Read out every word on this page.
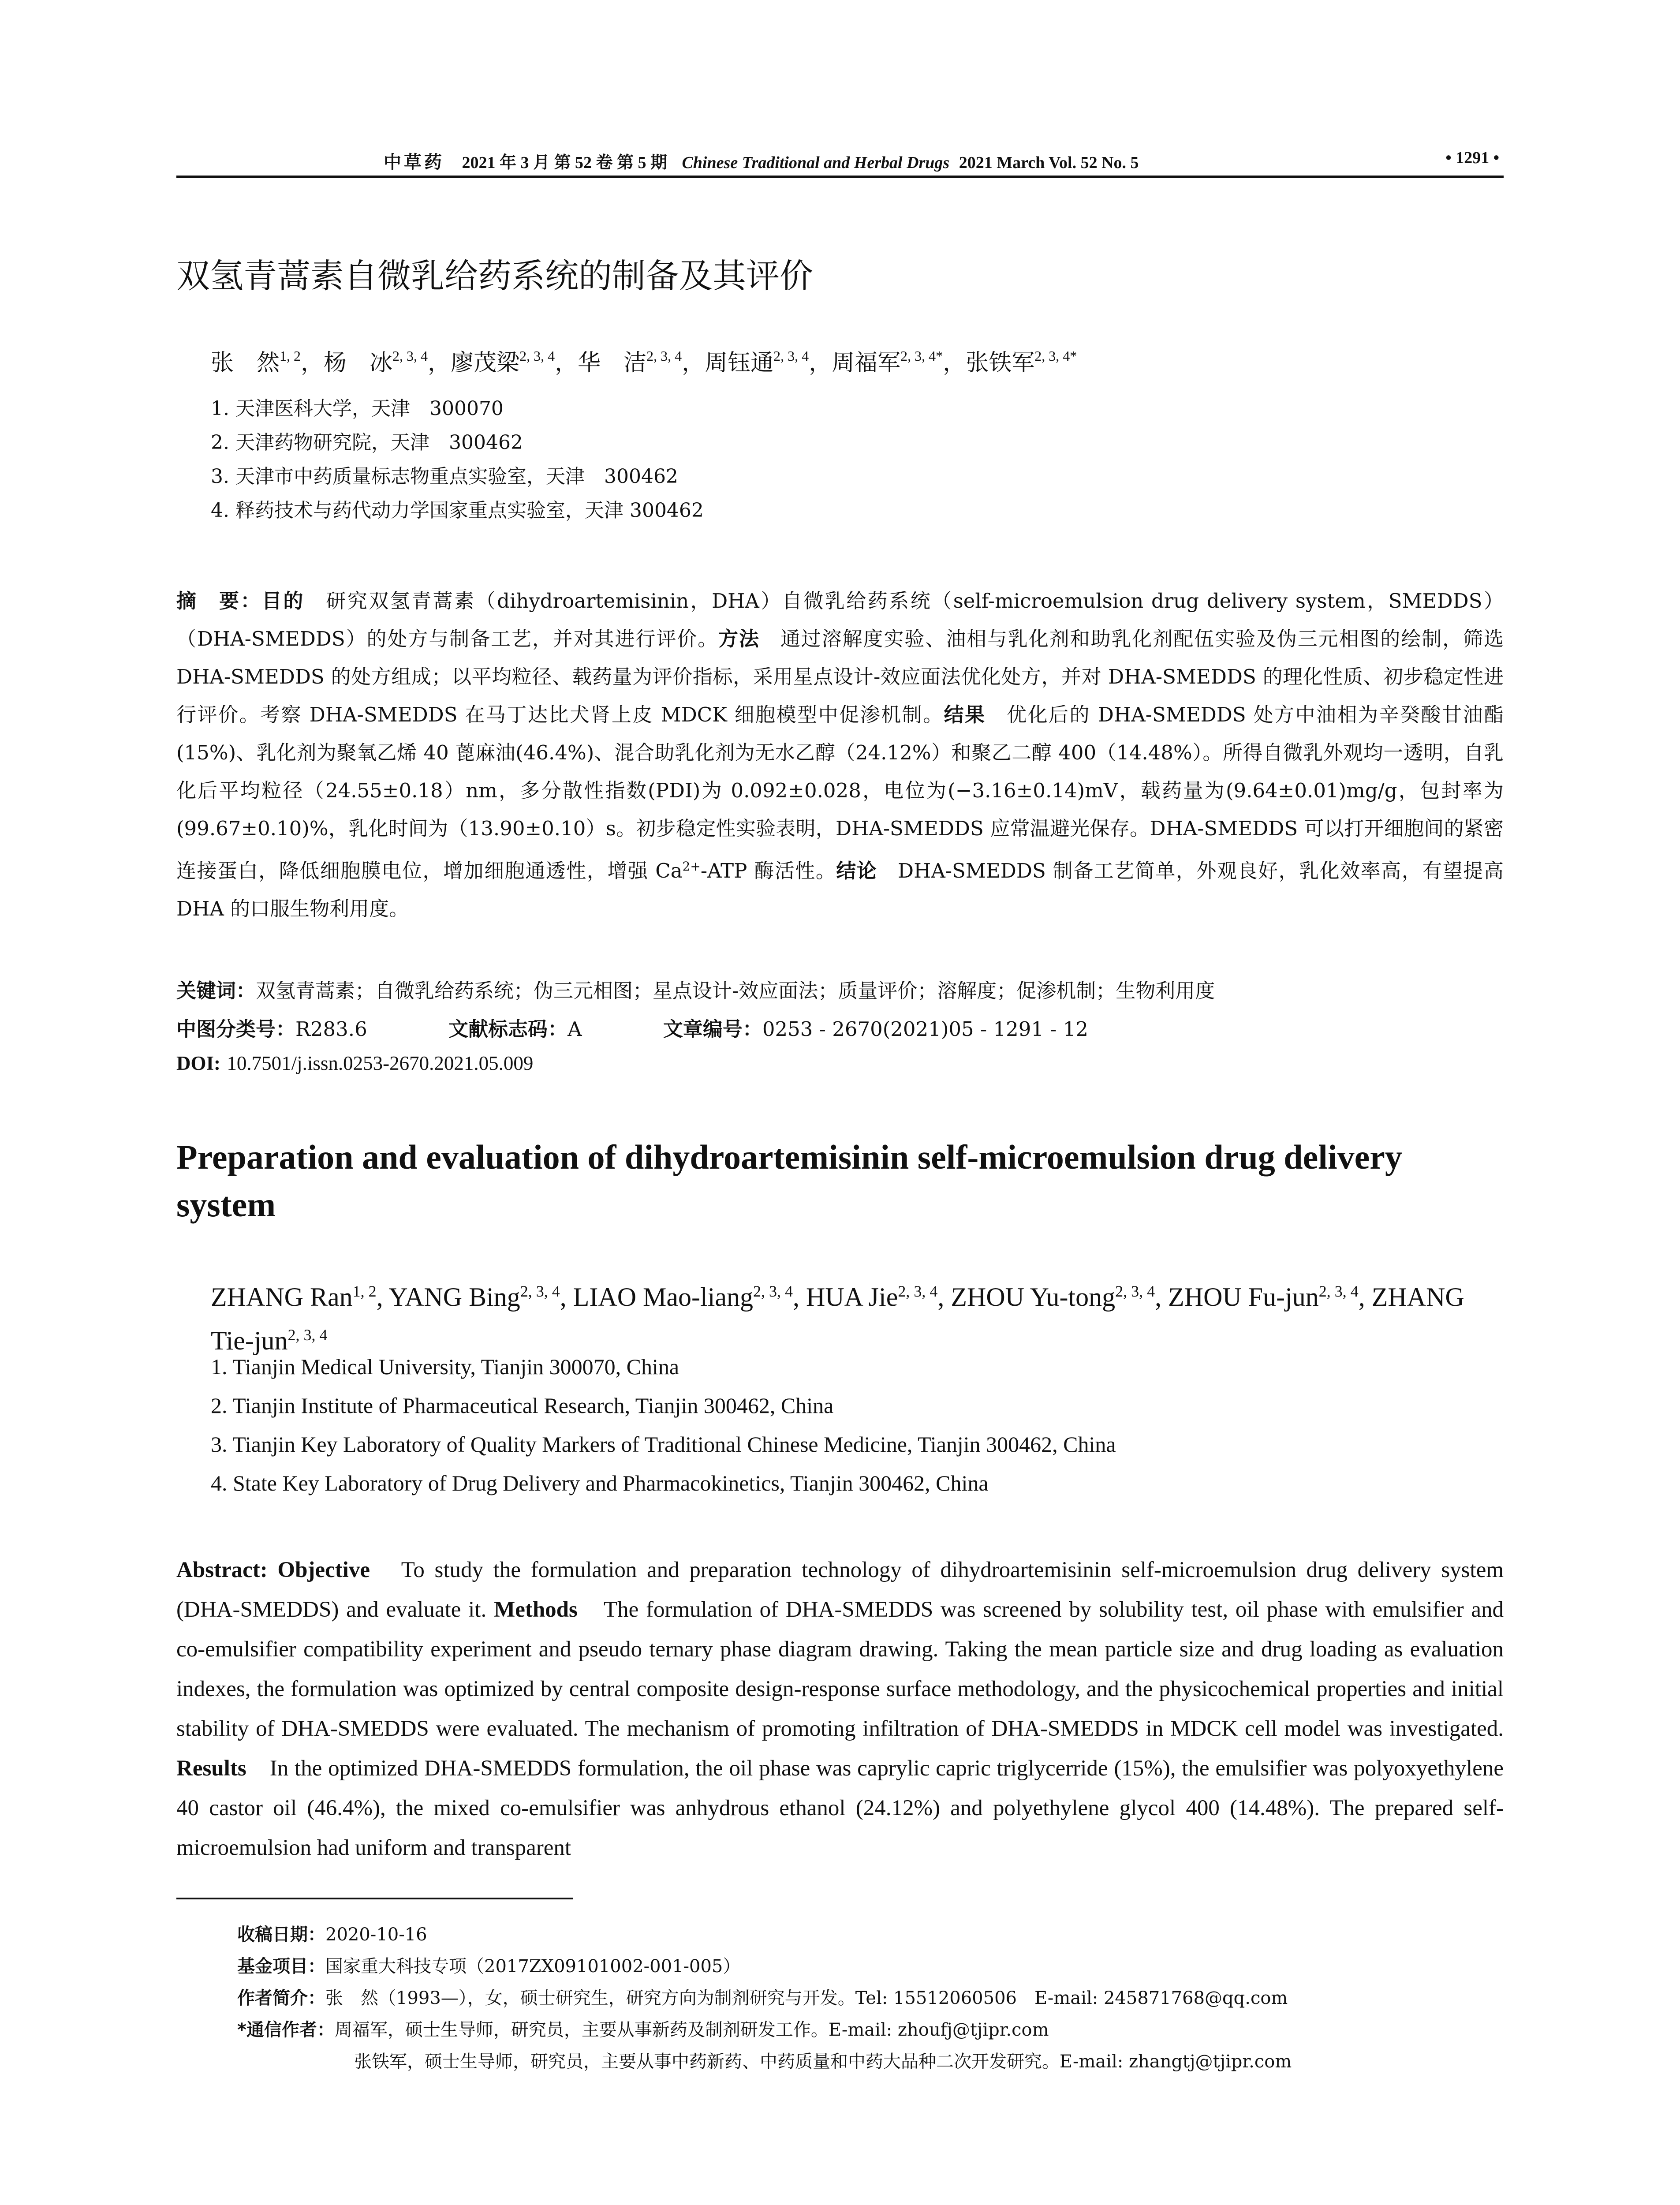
中草药 2021 年 3 月 第 52 卷 第 5 期 Chinese Traditional and Herbal Drugs 2021 March Vol. 52 No. 5	• 1291 •
双氢青蒿素自微乳给药系统的制备及其评价
张　然$^{1, 2}$，杨　冰$^{2, 3, 4}$，廖茂梁$^{2, 3, 4}$，华　洁$^{2, 3, 4}$，周钰通$^{2, 3, 4}$，周福军$^{2, 3, 4*}$，张铁军$^{2, 3, 4*}$
1. 天津医科大学，天津　300070
2. 天津药物研究院，天津　300462
3. 天津市中药质量标志物重点实验室，天津　300462
4. 释药技术与药代动力学国家重点实验室，天津 300462

摘　要：目的　研究双氢青蒿素（dihydroartemisinin，DHA）自微乳给药系统（self-microemulsion drug delivery system，SMEDDS）（DHA-SMEDDS）的处方与制备工艺，并对其进行评价。方法　通过溶解度实验、油相与乳化剂和助乳化剂配伍实验及伪三元相图的绘制，筛选 DHA-SMEDDS 的处方组成；以平均粒径、载药量为评价指标，采用星点设计-效应面法优化处方，并对 DHA-SMEDDS 的理化性质、初步稳定性进行评价。考察 DHA-SMEDDS 在马丁达比犬肾上皮 MDCK 细胞模型中促渗机制。结果　优化后的 DHA-SMEDDS 处方中油相为辛癸酸甘油酯(15%)、乳化剂为聚氧乙烯 40 蓖麻油(46.4%)、混合助乳化剂为无水乙醇（24.12%）和聚乙二醇 400（14.48%）。所得自微乳外观均一透明，自乳化后平均粒径（24.55±0.18）nm，多分散性指数(PDI)为 0.092±0.028，电位为(−3.16±0.14)mV，载药量为(9.64±0.01)mg/g，包封率为(99.67±0.10)%，乳化时间为（13.90±0.10）s。初步稳定性实验表明，DHA-SMEDDS 应常温避光保存。DHA-SMEDDS 可以打开细胞间的紧密连接蛋白，降低细胞膜电位，增加细胞通透性，增强 $Ca^{2+}$-ATP 酶活性。结论　DHA-SMEDDS 制备工艺简单，外观良好，乳化效率高，有望提高 DHA 的口服生物利用度。

关键词：双氢青蒿素；自微乳给药系统；伪三元相图；星点设计-效应面法；质量评价；溶解度；促渗机制；生物利用度
中图分类号：R283.6	文献标志码：A	文章编号：0253 - 2670(2021)05 - 1291 - 12
DOI: 10.7501/j.issn.0253-2670.2021.05.009
Preparation and evaluation of dihydroartemisinin self-microemulsion drug delivery system
ZHANG Ran$^{1, 2}$, YANG Bing$^{2, 3, 4}$, LIAO Mao-liang$^{2, 3, 4}$, HUA Jie$^{2, 3, 4}$, ZHOU Yu-tong$^{2, 3, 4}$, ZHOU Fu-jun$^{2, 3, 4}$, ZHANG Tie-jun$^{2, 3, 4}$
1. Tianjin Medical University, Tianjin 300070, China
2. Tianjin Institute of Pharmaceutical Research, Tianjin 300462, China
3. Tianjin Key Laboratory of Quality Markers of Traditional Chinese Medicine, Tianjin 300462, China
4. State Key Laboratory of Drug Delivery and Pharmacokinetics, Tianjin 300462, China
Abstract: Objective　To study the formulation and preparation technology of dihydroartemisinin self-microemulsion drug delivery system (DHA-SMEDDS) and evaluate it. Methods　The formulation of DHA-SMEDDS was screened by solubility test, oil phase with emulsifier and co-emulsifier compatibility experiment and pseudo ternary phase diagram drawing. Taking the mean particle size and drug loading as evaluation indexes, the formulation was optimized by central composite design-response surface methodology, and the physicochemical properties and initial stability of DHA-SMEDDS were evaluated. The mechanism of promoting infiltration of DHA-SMEDDS in MDCK cell model was investigated. Results　In the optimized DHA-SMEDDS formulation, the oil phase was caprylic capric triglycerride (15%), the emulsifier was polyoxyethylene 40 castor oil (46.4%), the mixed co-emulsifier was anhydrous ethanol (24.12%) and polyethylene glycol 400 (14.48%). The prepared self-microemulsion had uniform and transparent
收稿日期：2020-10-16
基金项目：国家重大科技专项（2017ZX09101002-001-005）
作者简介：张　然（1993—），女，硕士研究生，研究方向为制剂研究与开发。Tel: 15512060506　E-mail: 245871768@qq.com
*通信作者：周福军，硕士生导师，研究员，主要从事新药及制剂研发工作。E-mail: zhoufj@tjipr.com
张铁军，硕士生导师，研究员，主要从事中药新药、中药质量和中药大品种二次开发研究。E-mail: zhangtj@tjipr.com
